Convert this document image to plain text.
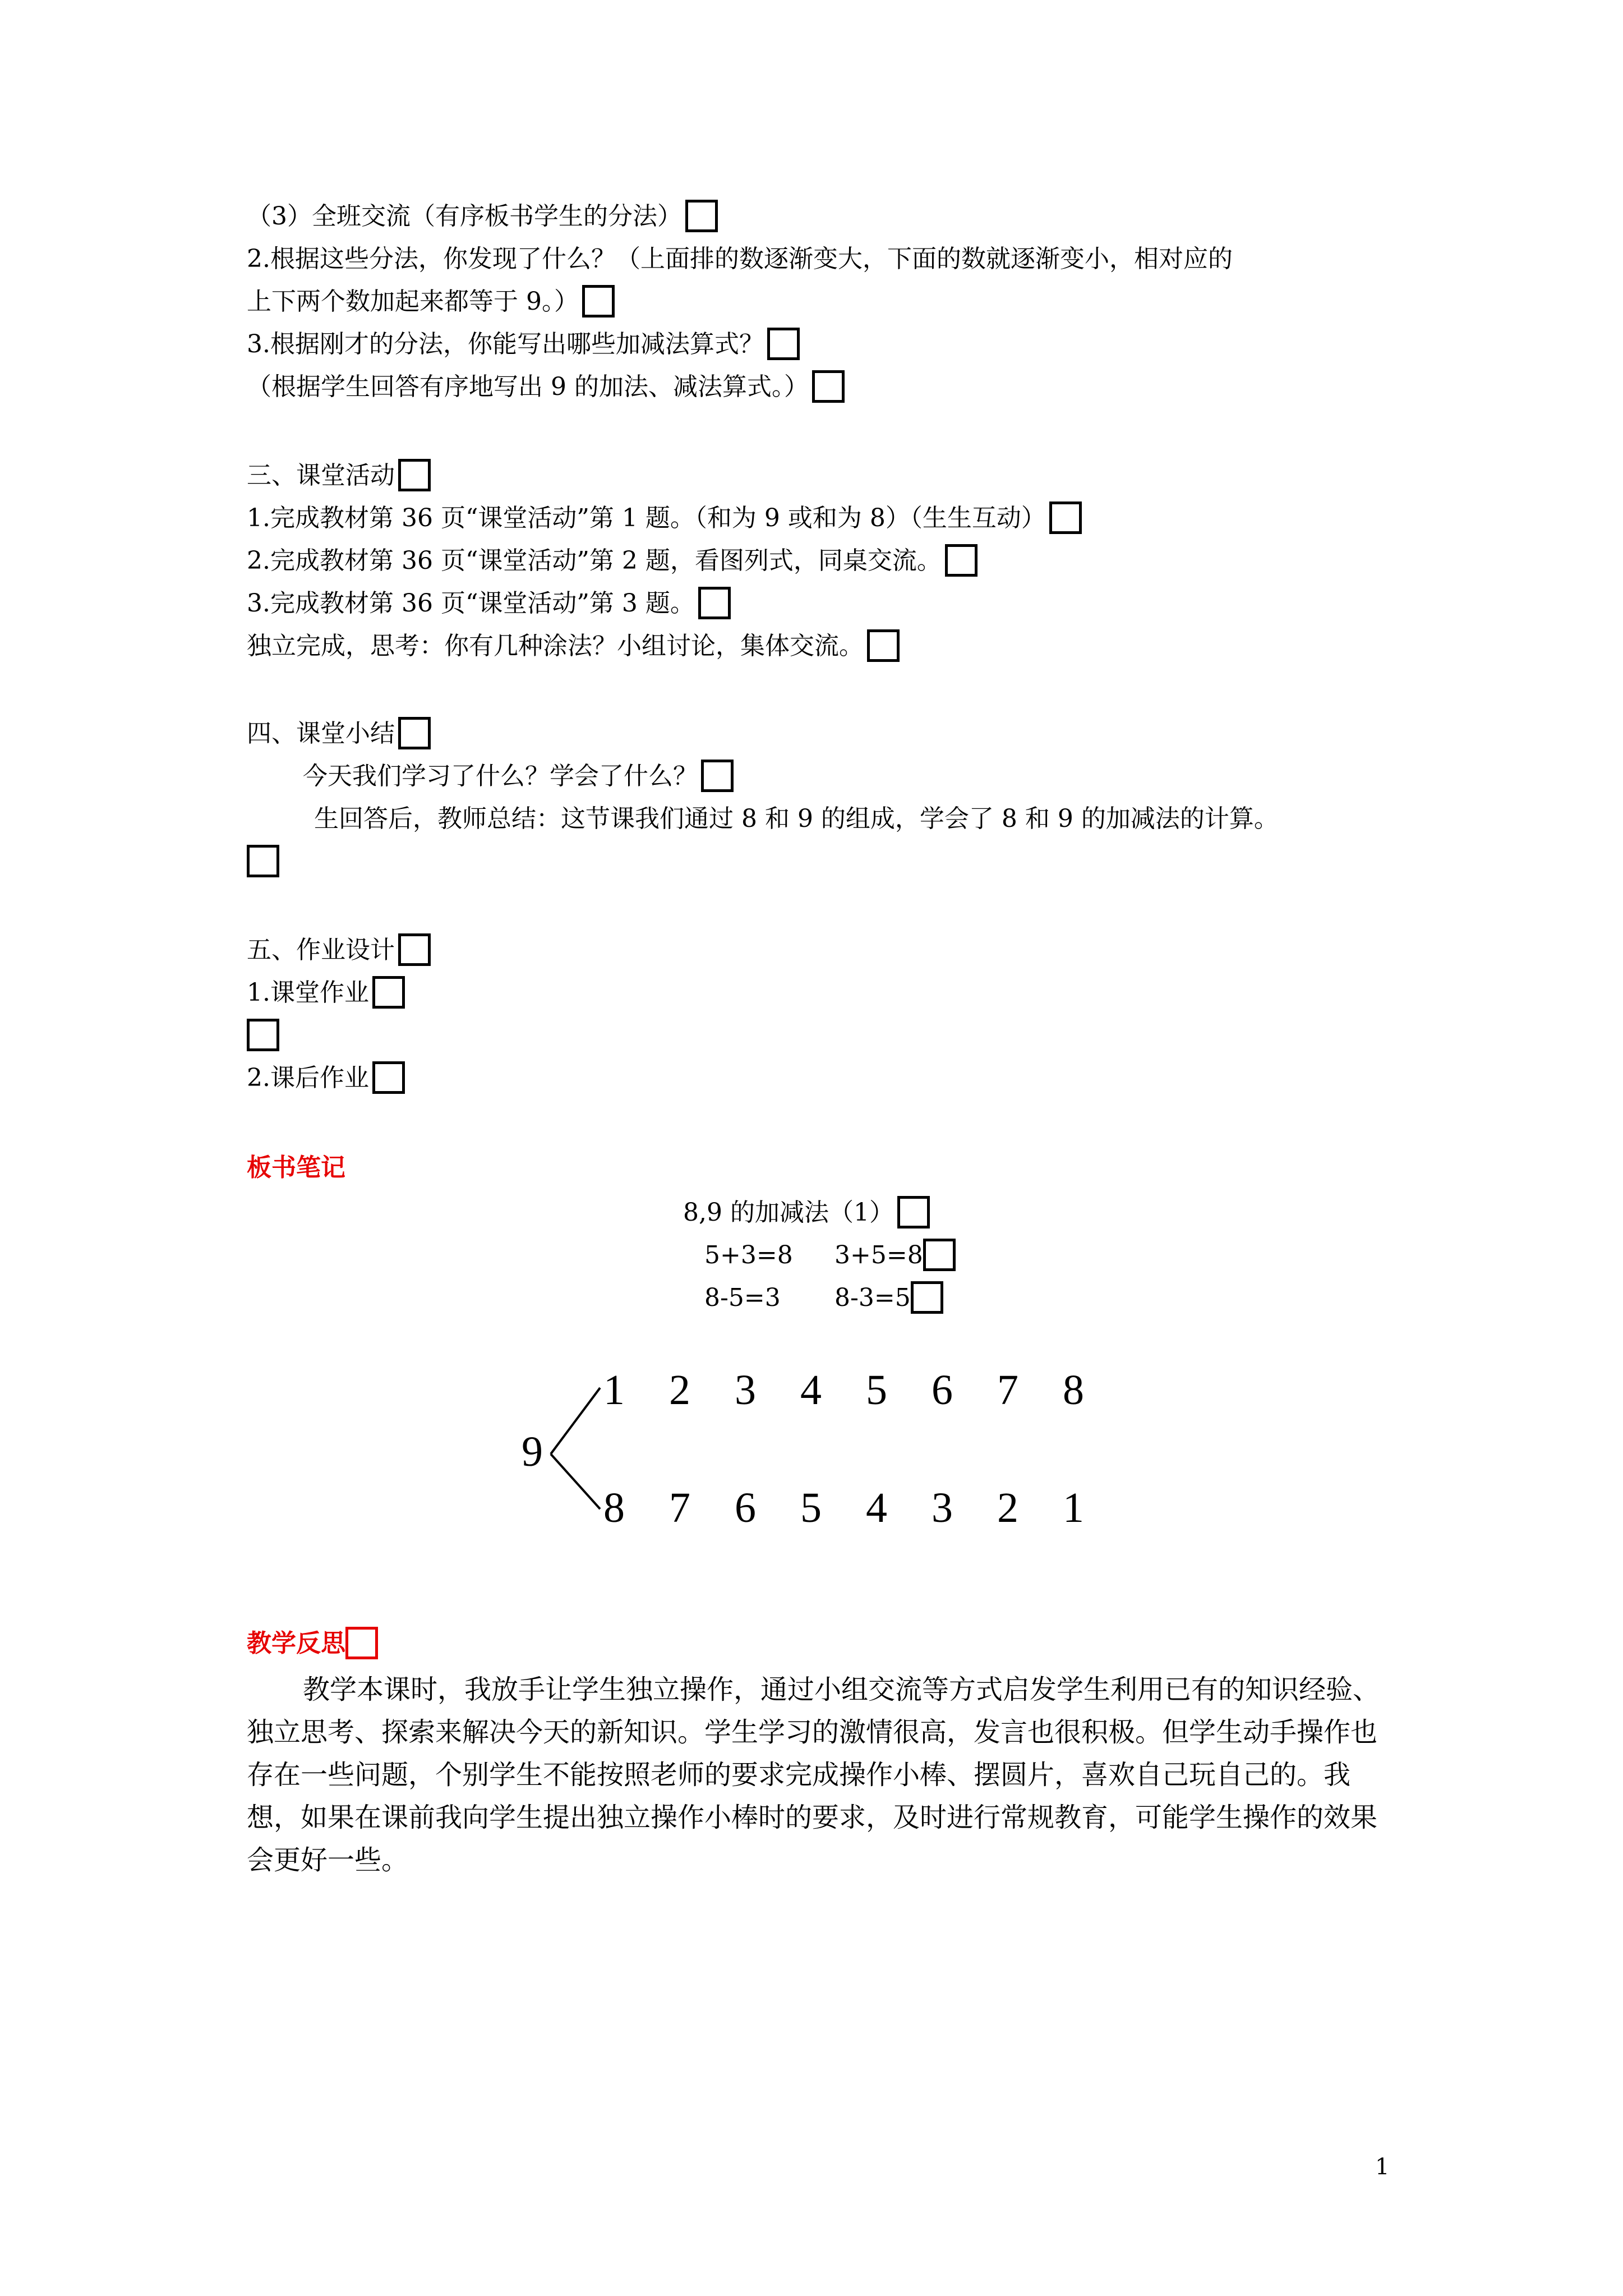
（3）全班交流（有序板书学生的分法）
2.根据这些分法，你发现了什么？（上面排的数逐渐变大，下面的数就逐渐变小，相对应的
上下两个数加起来都等于 9。）
3.根据刚才的分法，你能写出哪些加减法算式？
（根据学生回答有序地写出 9 的加法、减法算式。）
三、课堂活动
1.完成教材第 36 页“课堂活动”第 1 题。（和为 9 或和为 8）（生生互动）
2.完成教材第 36 页“课堂活动”第 2 题，看图列式，同桌交流。
3.完成教材第 36 页“课堂活动”第 3 题。
独立完成，思考：你有几种涂法？小组讨论，集体交流。
四、课堂小结
今天我们学习了什么？学会了什么？
生回答后，教师总结：这节课我们通过 8 和 9 的组成，学会了 8 和 9 的加减法的计算。
五、作业设计
1.课堂作业
2.课后作业
板书笔记
8,9 的加减法（1）
5+3=8 3+5=8
8-5=3 8-3=5
9
1 2 3 4 5 6 7 8
8 7 6 5 4 3 2 1
教学反思
教学本课时，我放手让学生独立操作，通过小组交流等方式启发学生利用已有的知识经验、独立思考、探索来解决今天的新知识。学生学习的激情很高，发言也很积极。但学生动手操作也存在一些问题，个别学生不能按照老师的要求完成操作小棒、摆圆片，喜欢自己玩自己的。我想，如果在课前我向学生提出独立操作小棒时的要求，及时进行常规教育，可能学生操作的效果会更好一些。
1
